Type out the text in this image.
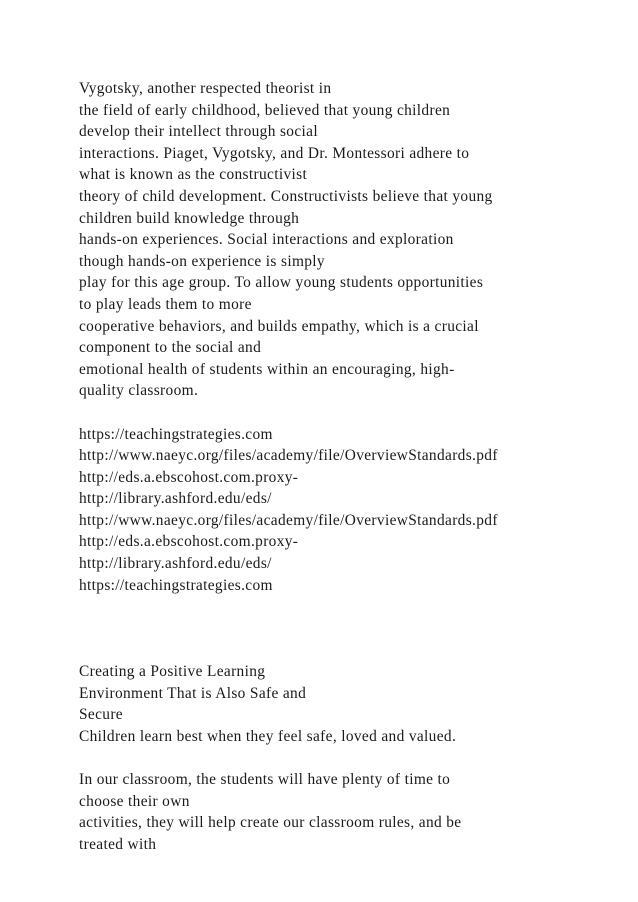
Vygotsky, another respected theorist in
the field of early childhood, believed that young children
develop their intellect through social
interactions. Piaget, Vygotsky, and Dr. Montessori adhere to
what is known as the constructivist
theory of child development. Constructivists believe that young
children build knowledge through
hands-on experiences. Social interactions and exploration
though hands-on experience is simply
play for this age group. To allow young students opportunities
to play leads them to more
cooperative behaviors, and builds empathy, which is a crucial
component to the social and
emotional health of students within an encouraging, high-
quality classroom.
https://teachingstrategies.com
http://www.naeyc.org/files/academy/file/OverviewStandards.pdf
http://eds.a.ebscohost.com.proxy-
http://library.ashford.edu/eds/
http://www.naeyc.org/files/academy/file/OverviewStandards.pdf
http://eds.a.ebscohost.com.proxy-
http://library.ashford.edu/eds/
https://teachingstrategies.com
Creating a Positive Learning
Environment That is Also Safe and
Secure
Children learn best when they feel safe, loved and valued.
In our classroom, the students will have plenty of time to
choose their own
activities, they will help create our classroom rules, and be
treated with
